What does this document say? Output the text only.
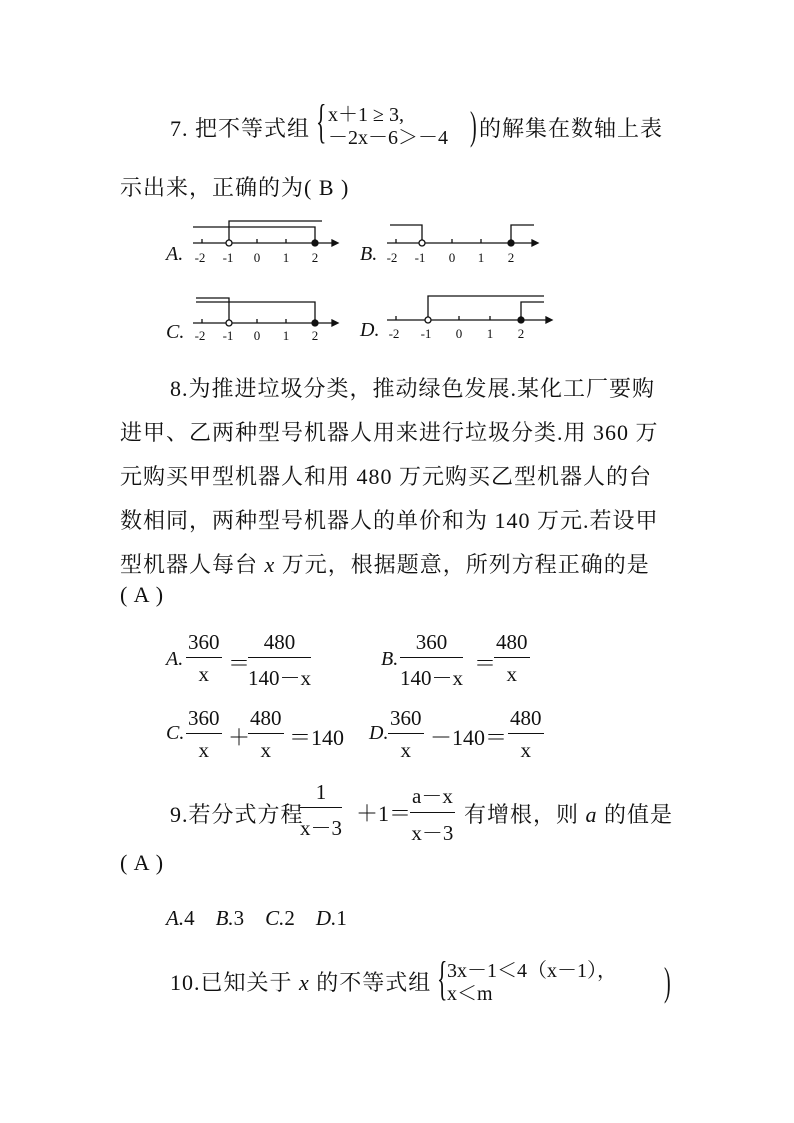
7. 把不等式组 { x＋1 ≥ 3,
－2x－6＞－4 ) 的解集在数轴上表
示出来，正确的为( B )
-2 -1 0 1 2	-2 -1 0 1 2
-2 -1 0 1 2	-2 -1 0 1 2
A.	B.
C.	D.
8.为推进垃圾分类，推动绿色发展.某化工厂要购
进甲、乙两种型号机器人用来进行垃圾分类.用 360 万
元购买甲型机器人和用 480 万元购买乙型机器人的台
数相同，两种型号机器人的单价和为 140 万元.若设甲
型机器人每台 x 万元，根据题意，所列方程正确的是
( A )
A. $\frac{360}{x}$ ＝
$\frac{480}{140-x}$	B. $\frac{360}{140-x}$ ＝
$\frac{480}{x}$
C. $\frac{360}{x}$ ＋
$\frac{480}{x} =140$ D. $\frac{360}{x} -140= \frac{480}{x}$
9.若分式方程
$\frac{1}{x-3} +1=$
$\frac{a-x}{x-3}$ 有增根，则 a 的值是
( A )
A.4 B.3 C.2 D.1
10.已知关于 x 的不等式组 { 3x－1＜4（x－1），
x＜m	)
